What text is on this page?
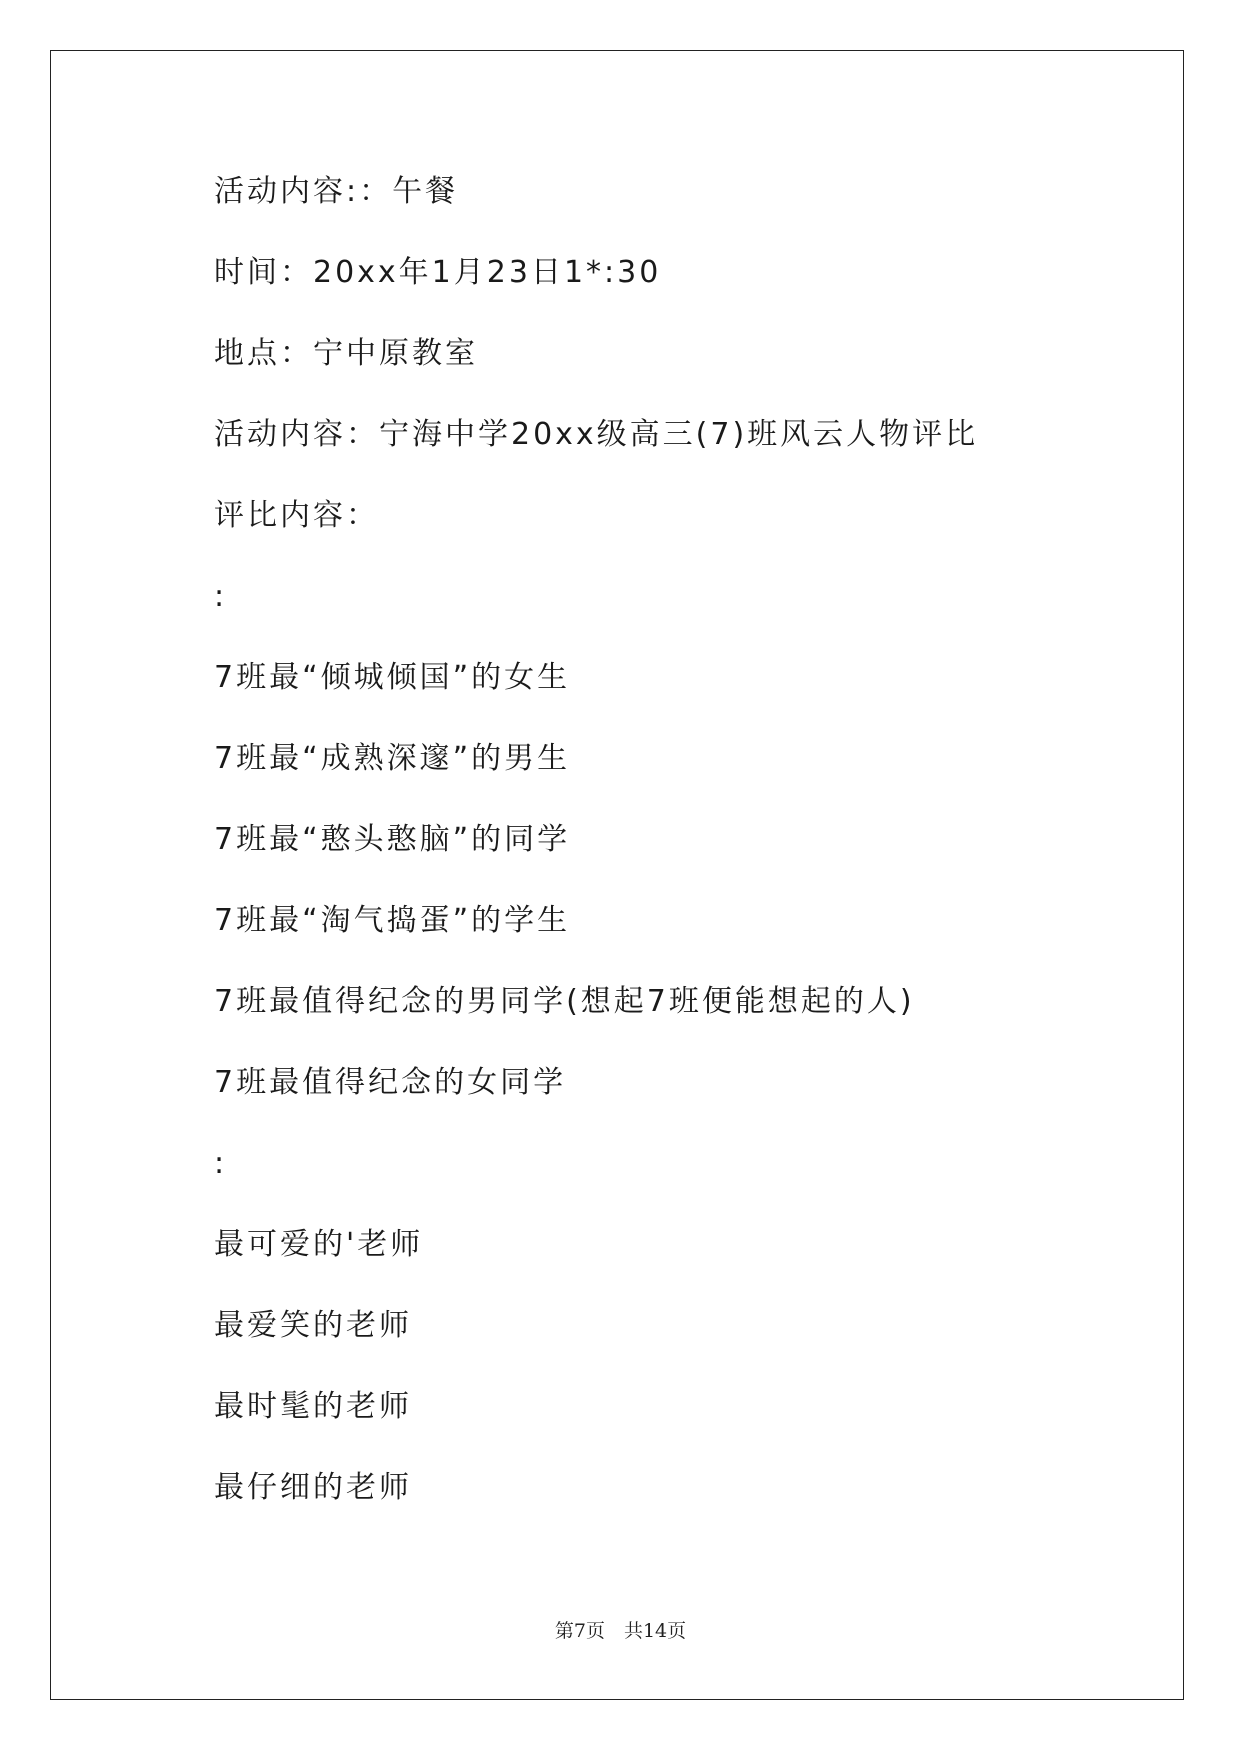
活动内容:：午餐
时间：20xx年1月23日1*:30
地点：宁中原教室
活动内容：宁海中学20xx级高三(7)班风云人物评比
评比内容：
:
7班最“倾城倾国”的女生
7班最“成熟深邃”的男生
7班最“憨头憨脑”的同学
7班最“淘气捣蛋”的学生
7班最值得纪念的男同学(想起7班便能想起的人)
7班最值得纪念的女同学
:
最可爱的'老师
最爱笑的老师
最时髦的老师
最仔细的老师
第7页　共14页
